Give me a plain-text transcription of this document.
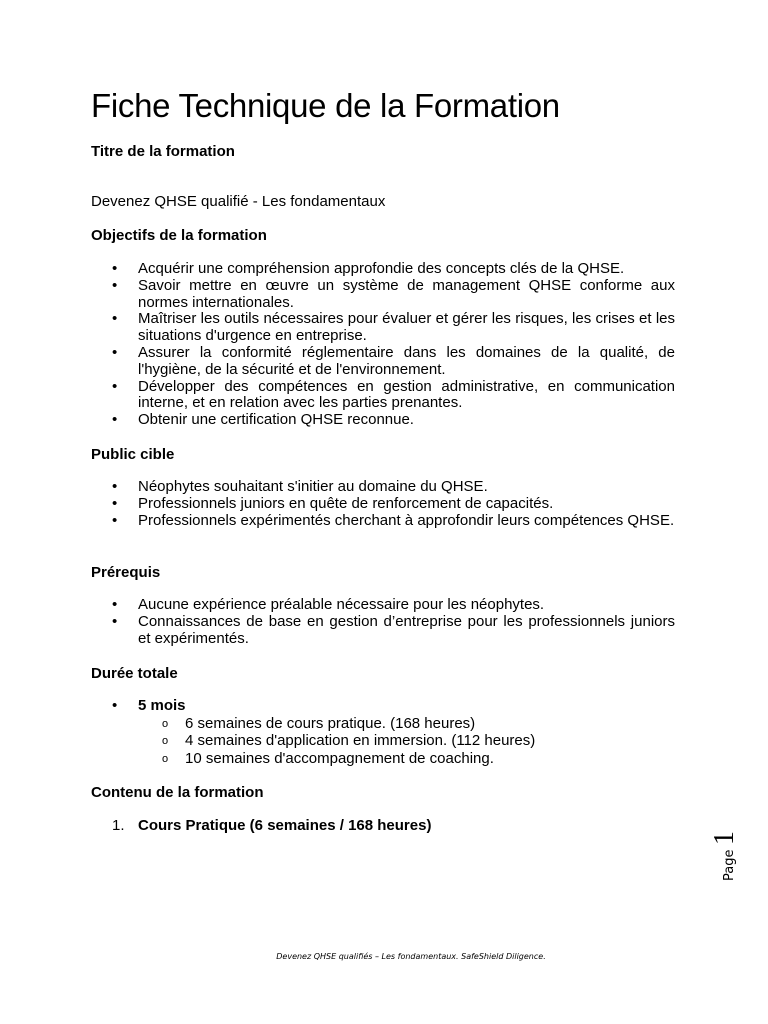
Fiche Technique de la Formation

Titre de la formation

Devenez QHSE qualifié - Les fondamentaux

Objectifs de la formation

• Acquérir une compréhension approfondie des concepts clés de la QHSE.
• Savoir mettre en œuvre un système de management QHSE conforme aux normes internationales.
• Maîtriser les outils nécessaires pour évaluer et gérer les risques, les crises et les situations d'urgence en entreprise.
• Assurer la conformité réglementaire dans les domaines de la qualité, de l'hygiène, de la sécurité et de l'environnement.
• Développer des compétences en gestion administrative, en communication interne, et en relation avec les parties prenantes.
• Obtenir une certification QHSE reconnue.

Public cible

• Néophytes souhaitant s'initier au domaine du QHSE.
• Professionnels juniors en quête de renforcement de capacités.
• Professionnels expérimentés cherchant à approfondir leurs compétences QHSE.

Prérequis

• Aucune expérience préalable nécessaire pour les néophytes.
• Connaissances de base en gestion d’entreprise pour les professionnels juniors et expérimentés.

Durée totale

• 5 mois
o 6 semaines de cours pratique. (168 heures)
o 4 semaines d'application en immersion. (112 heures)
o 10 semaines d'accompagnement de coaching.

Contenu de la formation

1. Cours Pratique (6 semaines / 168 heures)
Page 1
Devenez QHSE qualifiés – Les fondamentaux. SafeShield Diligence.
